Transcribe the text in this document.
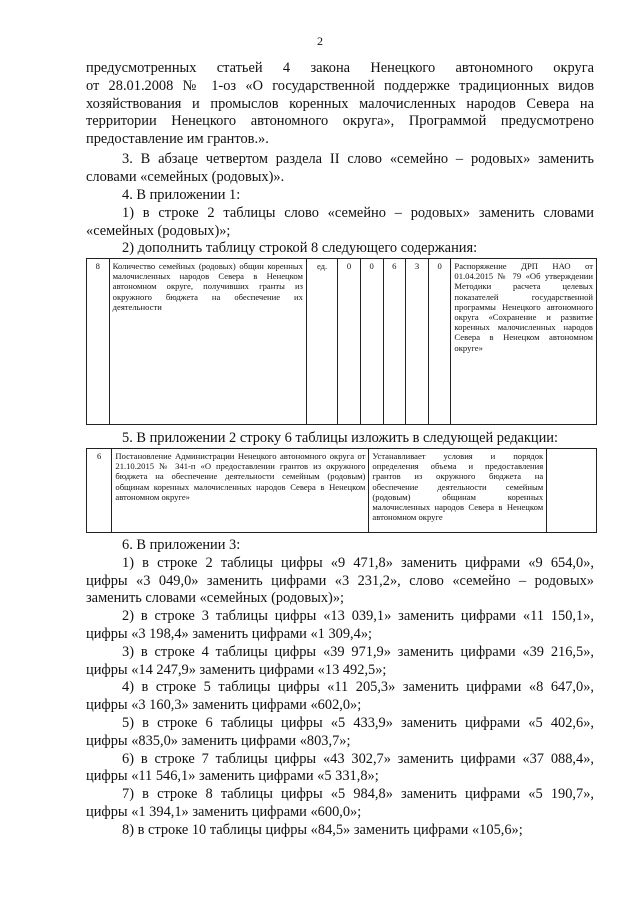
2
предусмотренных статьей 4 закона Ненецкого автономного округа
от 28.01.2008 № 1-оз «О государственной поддержке традиционных видов
хозяйствования и промыслов коренных малочисленных народов Севера на
территории Ненецкого автономного округа», Программой предусмотрено
предоставление им грантов.».
3. В абзаце четвертом раздела II слово «семейно – родовых» заменить
словами «семейных (родовых)».
4. В приложении 1:
1) в строке 2 таблицы слово «семейно – родовых» заменить словами
«семейных (родовых)»;
2) дополнить таблицу строкой 8 следующего содержания:
8	Количество семейных (родовых) общин коренных малочисленных народов Севера в Ненецком автономном округе, получивших гранты из окружного бюджета на обеспечение их деятельности	ед.	0	0	6	3	0	Распоряжение ДРП НАО от 01.04.2015 № 79 «Об утверждении Методики расчета целевых показателей государственной программы Ненецкого автономного округа «Сохранение и развитие коренных малочисленных народов Севера в Ненецком автономном округе»
5. В приложении 2 строку 6 таблицы изложить в следующей редакции:
6	Постановление Администрации Ненецкого автономного округа от 21.10.2015 № 341-п «О предоставлении грантов из окружного бюджета на обеспечение деятельности семейным (родовым) общинам коренных малочисленных народов Севера в Ненецком автономном округе»	Устанавливает условия и порядок определения объема и предоставления грантов из окружного бюджета на обеспечение деятельности семейным (родовым) общинам коренных малочисленных народов Севера в Ненецком автономном округе	
6. В приложении 3:
1) в строке 2 таблицы цифры «9 471,8» заменить цифрами «9 654,0»,
цифры «3 049,0» заменить цифрами «3 231,2», слово «семейно – родовых»
заменить словами «семейных (родовых)»;
2) в строке 3 таблицы цифры «13 039,1» заменить цифрами «11 150,1»,
цифры «3 198,4» заменить цифрами «1 309,4»;
3) в строке 4 таблицы цифры «39 971,9» заменить цифрами «39 216,5»,
цифры «14 247,9» заменить цифрами «13 492,5»;
4) в строке 5 таблицы цифры «11 205,3» заменить цифрами «8 647,0»,
цифры «3 160,3» заменить цифрами «602,0»;
5) в строке 6 таблицы цифры «5 433,9» заменить цифрами «5 402,6»,
цифры «835,0» заменить цифрами «803,7»;
6) в строке 7 таблицы цифры «43 302,7» заменить цифрами «37 088,4»,
цифры «11 546,1» заменить цифрами «5 331,8»;
7) в строке 8 таблицы цифры «5 984,8» заменить цифрами «5 190,7»,
цифры «1 394,1» заменить цифрами «600,0»;
8) в строке 10 таблицы цифры «84,5» заменить цифрами «105,6»;
